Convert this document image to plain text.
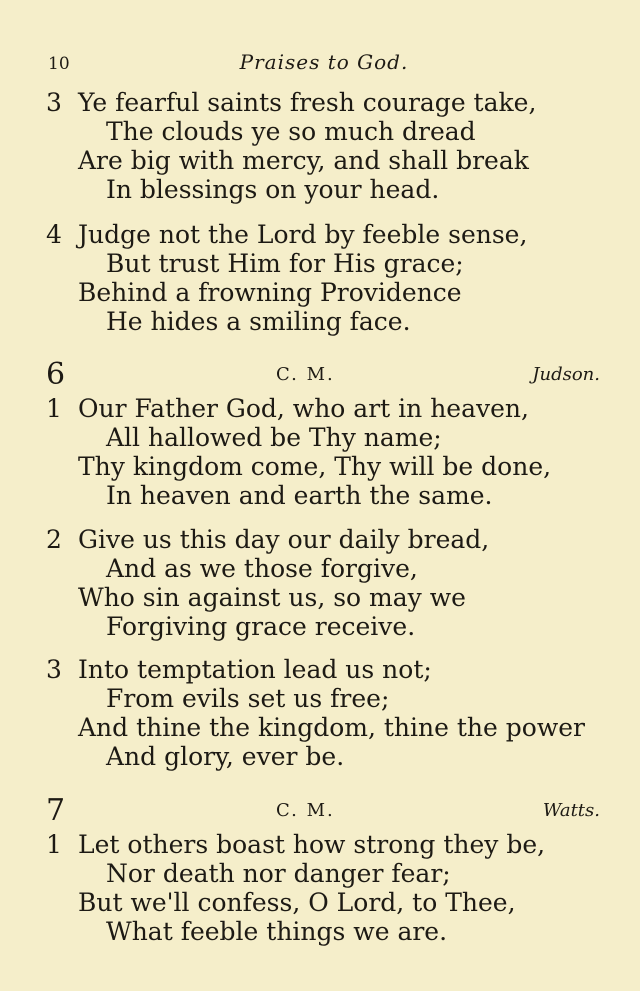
10	Praises to God.
3 Ye fearful saints fresh courage take,
The clouds ye so much dread
Are big with mercy, and shall break
In blessings on your head.
4 Judge not the Lord by feeble sense,
But trust Him for His grace;
Behind a frowning Providence
He hides a smiling face.
6	C. M.	Judson.
1 Our Father God, who art in heaven,
All hallowed be Thy name;
Thy kingdom come, Thy will be done,
In heaven and earth the same.
2 Give us this day our daily bread,
And as we those forgive,
Who sin against us, so may we
Forgiving grace receive.
3 Into temptation lead us not;
From evils set us free;
And thine the kingdom, thine the power
And glory, ever be.
7	C. M.	Watts.
1 Let others boast how strong they be,
Nor death nor danger fear;
But we'll confess, O Lord, to Thee,
What feeble things we are.
